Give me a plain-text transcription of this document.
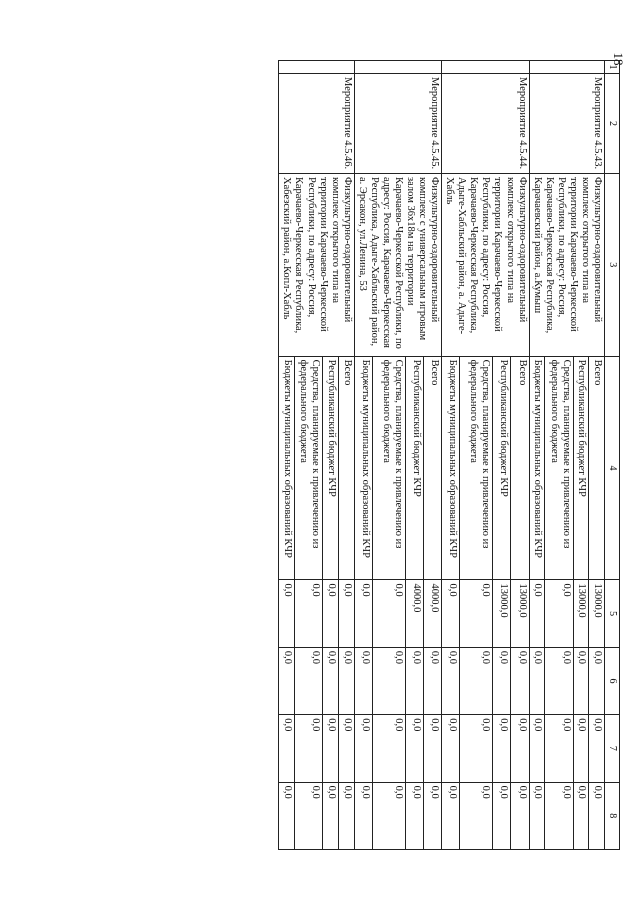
18
1	2	3	4	5	6	7	8
	Мероприятие 4.5.43.	Физкультурно-оздоровительный комплекс открытого типа на территории Карачаево-Черкесской Республики, по адресу: Россия, Карачаево-Черкесская Республика, Карачаевский район, а.Кумыш	Всего	13000,0	0,0	0,0	0,0
			Республиканский бюджет КЧР	13000,0	0,0	0,0	0,0
			Средства, планируемые к привлечению из федерального бюджета	0,0	0,0	0,0	0,0
			Бюджеты муниципальных образований КЧР	0,0	0,0	0,0	0,0
	Мероприятие 4.5.44.	Физкультурно-оздоровительный комплекс открытого типа на территории Карачаево-Черкесской Республики, по адресу: Россия, Карачаево-Черкесская Республика, Адыге-Хабльский район, а. Адыге-Хабль	Всего	13000,0	0,0	0,0	0,0
			Республиканский бюджет КЧР	13000,0	0,0	0,0	0,0
			Средства, планируемые к привлечению из федерального бюджета	0,0	0,0	0,0	0,0
			Бюджеты муниципальных образований КЧР	0,0	0,0	0,0	0,0
	Мероприятие 4.5.45.	Физкультурно-оздоровительный комплекс с универсальным игровым залом 36х18м на территории Карачаево-Черкесской Республики, по адресу: Россия, Карачаево-Черкесская Республика, Адыге-Хабльский район, а. Эрсакон, ул.Ленина, 53	Всего	4000,0	0,0	0,0	0,0
			Республиканский бюджет КЧР	4000,0	0,0	0,0	0,0
			Средства, планируемые к привлечению из федерального бюджета	0,0	0,0	0,0	0,0
			Бюджеты муниципальных образований КЧР	0,0	0,0	0,0	0,0
	Мероприятие 4.5.46.	Физкультурно-оздоровительный комплекс открытого типа на территории Карачаево-Черкесской Республики, по адресу: Россия, Карачаево-Черкесская Республика, Хабезский район, а.Копл-Хабль	Всего	0,0	0,0	0,0	0,0
			Республиканский бюджет КЧР	0,0	0,0	0,0	0,0
			Средства, планируемые к привлечению из федерального бюджета	0,0	0,0	0,0	0,0
			Бюджеты муниципальных образований КЧР	0,0	0,0	0,0	0,0
